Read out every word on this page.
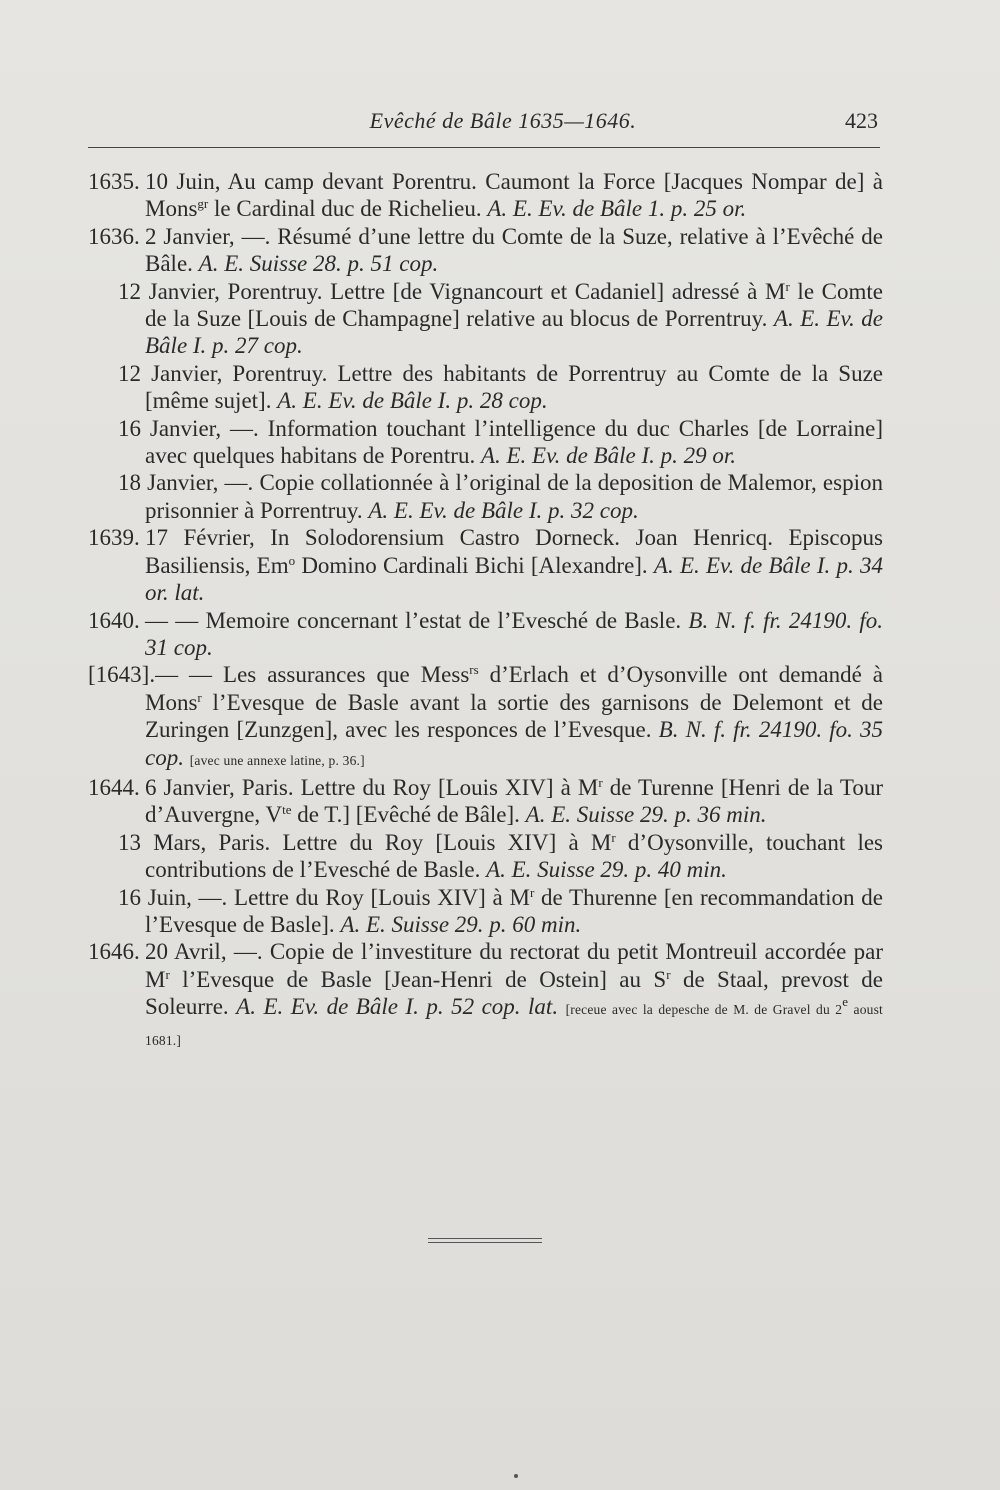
Evêché de Bâle 1635—1646.	423

1635. 10 Juin, Au camp devant Porentru. Caumont la Force [Jacques Nompar de] à Mons$^{gr}$ le Cardinal duc de Richelieu. A. E. Ev. de Bâle 1. p. 25 or.

1636. 2 Janvier, —. Résumé d’une lettre du Comte de la Suze, relative à l’Evêché de Bâle. A. E. Suisse 28. p. 51 cop.

12 Janvier, Porentruy. Lettre [de Vignancourt et Cadaniel] adressé à $M^r$ le Comte de la Suze [Louis de Champagne] relative au blocus de Porrentruy. A. E. Ev. de Bâle I. p. 27 cop.

12 Janvier, Porentruy. Lettre des habitants de Porrentruy au Comte de la Suze [même sujet]. A. E. Ev. de Bâle I. p. 28 cop.

16 Janvier, —. Information touchant l’intelligence du duc Charles [de Lorraine] avec quelques habitans de Porentru. A. E. Ev. de Bâle I. p. 29 or.

18 Janvier, —. Copie collationnée à l’original de la deposition de Malemor, espion prisonnier à Porrentruy. A. E. Ev. de Bâle I. p. 32 cop.

1639. 17 Février, In Solodorensium Castro Dorneck. Joan Henricq. Episcopus Basiliensis, Em$^o$ Domino Cardinali Bichi [Alexandre]. A. E. Ev. de Bâle I. p. 34 or. lat.

1640. — — Memoire concernant l’estat de l’Evesché de Basle. B. N. f. fr. 24190. fo. 31 cop.

[1643].— — Les assurances que Mess$^{rs}$ d’Erlach et d’Oysonville ont demandé à Mons$^r$ l’Evesque de Basle avant la sortie des garnisons de Delemont et de Zuringen [Zunzgen], avec les responces de l’Evesque. B. N. f. fr. 24190. fo. 35 cop. [avec une annexe latine, p. 36.]

1644. 6 Janvier, Paris. Lettre du Roy [Louis XIV] à $M^r$ de Turenne [Henri de la Tour d’Auvergne, $V^{te}$ de T.] [Evêché de Bâle]. A. E. Suisse 29. p. 36 min.

13 Mars, Paris. Lettre du Roy [Louis XIV] à $M^r$ d’Oysonville, touchant les contributions de l’Evesché de Basle. A. E. Suisse 29. p. 40 min.

16 Juin, —. Lettre du Roy [Louis XIV] à $M^r$ de Thurenne [en recommandation de l’Evesque de Basle]. A. E. Suisse 29. p. 60 min.

1646. 20 Avril, —. Copie de l’investiture du rectorat du petit Montreuil accordée par $M^r$ l’Evesque de Basle [Jean-Henri de Ostein] au $S^r$ de Staal, prevost de Soleurre. A. E. Ev. de Bâle I. p. 52 cop. lat. [receue avec la depesche de M. de Gravel du 2e aoust 1681.]
